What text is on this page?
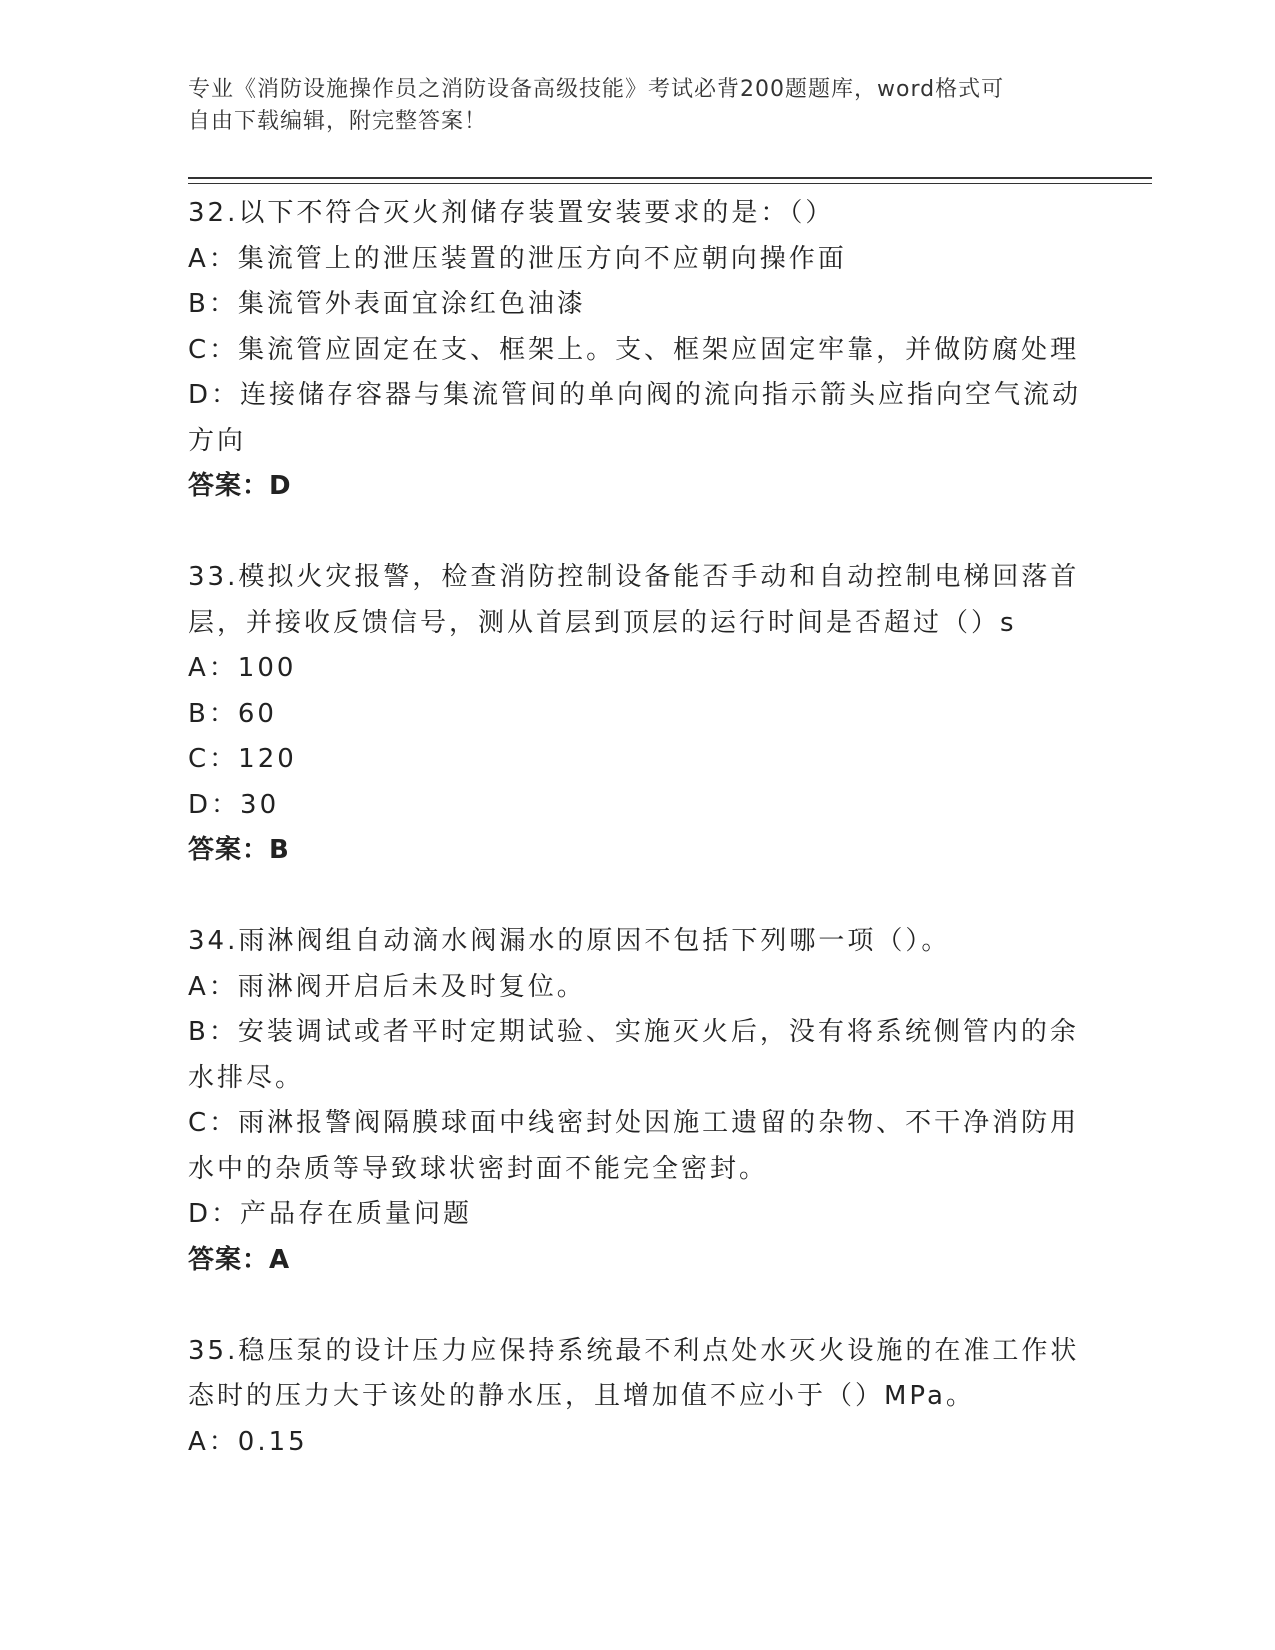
专业《消防设施操作员之消防设备高级技能》考试必背200题题库，word格式可

自由下载编辑，附完整答案！

32.以下不符合灭火剂储存装置安装要求的是：（）

A：集流管上的泄压装置的泄压方向不应朝向操作面

B：集流管外表面宜涂红色油漆

C：集流管应固定在支、框架上。支、框架应固定牢靠，并做防腐处理

D：连接储存容器与集流管间的单向阀的流向指示箭头应指向空气流动

方向

答案：D

33.模拟火灾报警，检查消防控制设备能否手动和自动控制电梯回落首

层，并接收反馈信号，测从首层到顶层的运行时间是否超过（）s

A：100

B：60

C：120

D：30

答案：B

34.雨淋阀组自动滴水阀漏水的原因不包括下列哪一项（）。

A：雨淋阀开启后未及时复位。

B：安装调试或者平时定期试验、实施灭火后，没有将系统侧管内的余

水排尽。

C：雨淋报警阀隔膜球面中线密封处因施工遗留的杂物、不干净消防用

水中的杂质等导致球状密封面不能完全密封。

D：产品存在质量问题

答案：A

35.稳压泵的设计压力应保持系统最不利点处水灭火设施的在准工作状

态时的压力大于该处的静水压，且增加值不应小于（）MPa。

A：0.15
